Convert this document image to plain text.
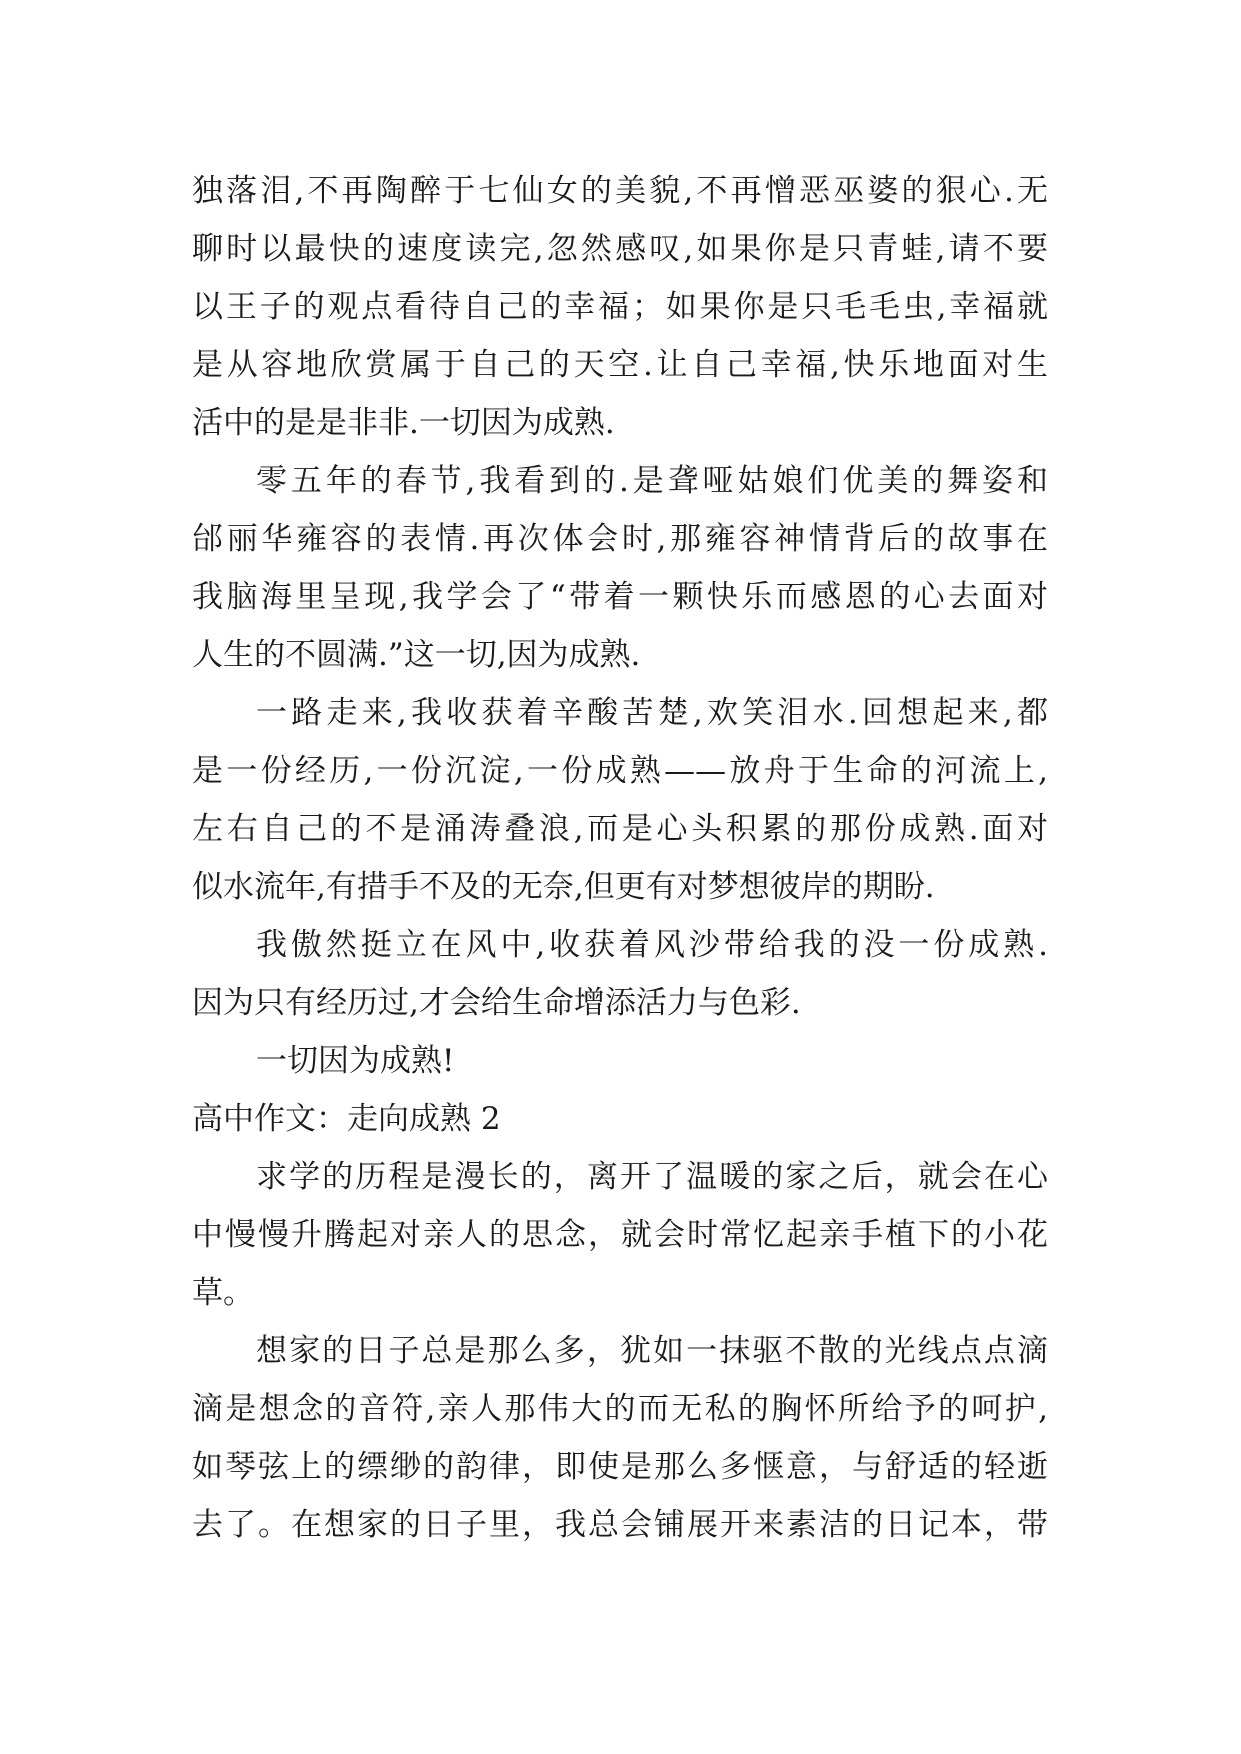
独落泪,不再陶醉于七仙女的美貌,不再憎恶巫婆的狠心.无
聊时以最快的速度读完,忽然感叹,如果你是只青蛙,请不要
以王子的观点看待自己的幸福；如果你是只毛毛虫,幸福就
是从容地欣赏属于自己的天空.让自己幸福,快乐地面对生
活中的是是非非.一切因为成熟.
零五年的春节,我看到的.是聋哑姑娘们优美的舞姿和
邰丽华雍容的表情.再次体会时,那雍容神情背后的故事在
我脑海里呈现,我学会了“带着一颗快乐而感恩的心去面对
人生的不圆满.”这一切,因为成熟.
一路走来,我收获着辛酸苦楚,欢笑泪水.回想起来,都
是一份经历,一份沉淀,一份成熟——放舟于生命的河流上,
左右自己的不是涌涛叠浪,而是心头积累的那份成熟.面对
似水流年,有措手不及的无奈,但更有对梦想彼岸的期盼.
我傲然挺立在风中,收获着风沙带给我的没一份成熟.
因为只有经历过,才会给生命增添活力与色彩.
一切因为成熟!
高中作文：走向成熟 2
求学的历程是漫长的，离开了温暖的家之后，就会在心
中慢慢升腾起对亲人的思念，就会时常忆起亲手植下的小花
草。
想家的日子总是那么多，犹如一抹驱不散的光线点点滴
滴是想念的音符,亲人那伟大的而无私的胸怀所给予的呵护,
如琴弦上的缥缈的韵律，即使是那么多惬意，与舒适的轻逝
去了。在想家的日子里，我总会铺展开来素洁的日记本，带
